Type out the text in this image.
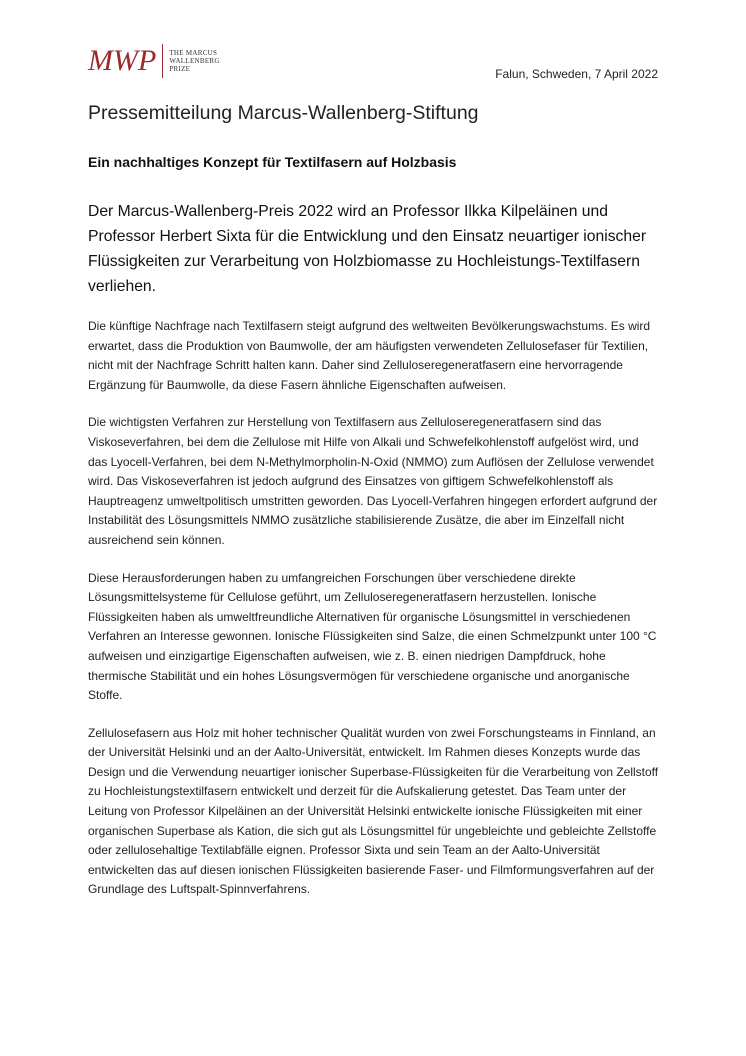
MWP THE MARCUS
WALLENBERG
PRIZE	Falun, Schweden, 7 April 2022
Pressemitteilung Marcus-Wallenberg-Stiftung
Ein nachhaltiges Konzept für Textilfasern auf Holzbasis

Der Marcus-Wallenberg-Preis 2022 wird an Professor Ilkka Kilpeläinen und Professor Herbert Sixta für die Entwicklung und den Einsatz neuartiger ionischer Flüssigkeiten zur Verarbeitung von Holzbiomasse zu Hochleistungs-Textilfasern verliehen.

Die künftige Nachfrage nach Textilfasern steigt aufgrund des weltweiten Bevölkerungswachstums. Es wird erwartet, dass die Produktion von Baumwolle, der am häufigsten verwendeten Zellulosefaser für Textilien, nicht mit der Nachfrage Schritt halten kann. Daher sind Zelluloseregeneratfasern eine hervorragende Ergänzung für Baumwolle, da diese Fasern ähnliche Eigenschaften aufweisen.

Die wichtigsten Verfahren zur Herstellung von Textilfasern aus Zelluloseregeneratfasern sind das Viskoseverfahren, bei dem die Zellulose mit Hilfe von Alkali und Schwefelkohlenstoff aufgelöst wird, und das Lyocell-Verfahren, bei dem N-Methylmorpholin-N-Oxid (NMMO) zum Auflösen der Zellulose verwendet wird. Das Viskoseverfahren ist jedoch aufgrund des Einsatzes von giftigem Schwefelkohlenstoff als Hauptreagenz umweltpolitisch umstritten geworden. Das Lyocell-Verfahren hingegen erfordert aufgrund der Instabilität des Lösungsmittels NMMO zusätzliche stabilisierende Zusätze, die aber im Einzelfall nicht ausreichend sein können.

Diese Herausforderungen haben zu umfangreichen Forschungen über verschiedene direkte Lösungsmittelsysteme für Cellulose geführt, um Zelluloseregeneratfasern herzustellen. Ionische Flüssigkeiten haben als umweltfreundliche Alternativen für organische Lösungsmittel in verschiedenen Verfahren an Interesse gewonnen. Ionische Flüssigkeiten sind Salze, die einen Schmelzpunkt unter 100 °C aufweisen und einzigartige Eigenschaften aufweisen, wie z. B. einen niedrigen Dampfdruck, hohe thermische Stabilität und ein hohes Lösungsvermögen für verschiedene organische und anorganische Stoffe.

Zellulosefasern aus Holz mit hoher technischer Qualität wurden von zwei Forschungsteams in Finnland, an der Universität Helsinki und an der Aalto-Universität, entwickelt. Im Rahmen dieses Konzepts wurde das Design und die Verwendung neuartiger ionischer Superbase-Flüssigkeiten für die Verarbeitung von Zellstoff zu Hochleistungstextilfasern entwickelt und derzeit für die Aufskalierung getestet. Das Team unter der Leitung von Professor Kilpeläinen an der Universität Helsinki entwickelte ionische Flüssigkeiten mit einer organischen Superbase als Kation, die sich gut als Lösungsmittel für ungebleichte und gebleichte Zellstoffe oder zellulosehaltige Textilabfälle eignen. Professor Sixta und sein Team an der Aalto-Universität entwickelten das auf diesen ionischen Flüssigkeiten basierende Faser- und Filmformungsverfahren auf der Grundlage des Luftspalt-Spinnverfahrens.
